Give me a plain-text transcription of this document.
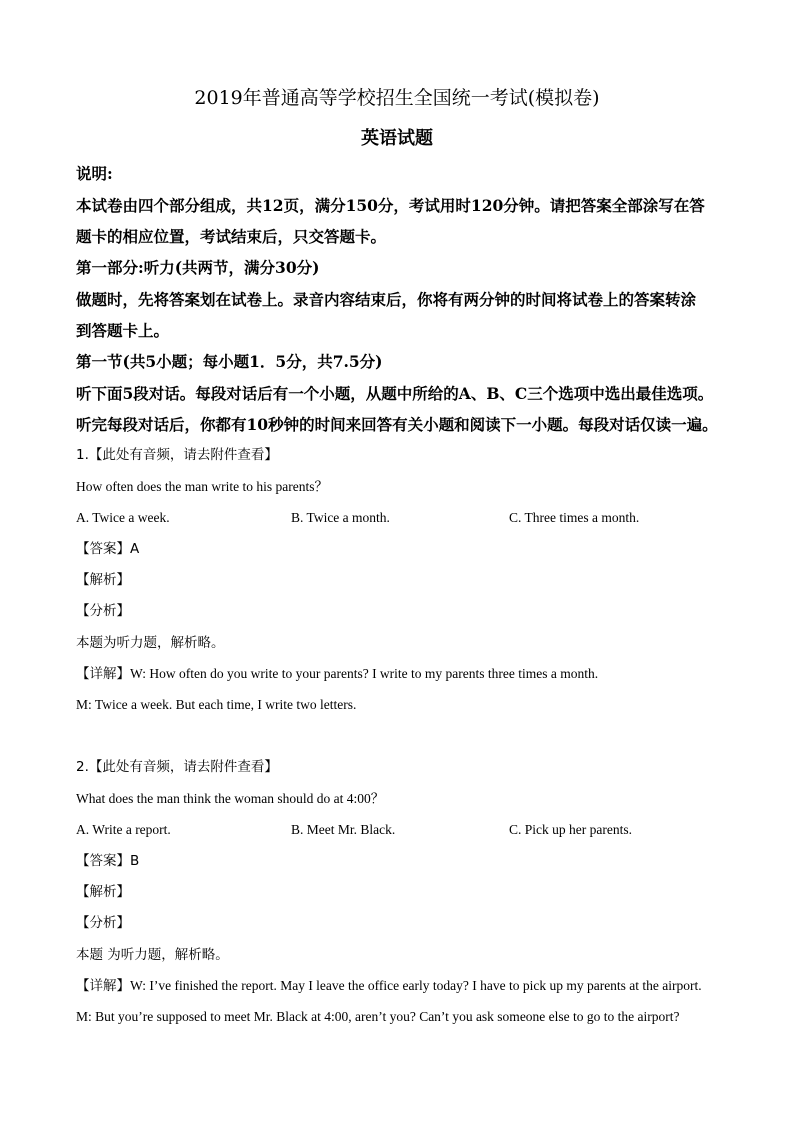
2019年普通高等学校招生全国统一考试(模拟卷)
英语试题
说明:
本试卷由四个部分组成，共12页，满分150分，考试用时120分钟。请把答案全部涂写在答
题卡的相应位置，考试结束后，只交答题卡。
第一部分:听力(共两节，满分30分)
做题时，先将答案划在试卷上。录音内容结束后，你将有两分钟的时间将试卷上的答案转涂
到答题卡上。
第一节(共5小题；每小题1．5分，共7.5分)
听下面5段对话。每段对话后有一个小题，从题中所给的A、B、C三个选项中选出最佳选项。
听完每段对话后，你都有10秒钟的时间来回答有关小题和阅读下一小题。每段对话仅读一遍。
1.【此处有音频，请去附件查看】
How often does the man write to his parents？
A. Twice a week.	B. Twice a month.	C. Three times a month.
【答案】A
【解析】
【分析】
本题为听力题，解析略。
【详解】W: How often do you write to your parents? I write to my parents three times a month.
M: Twice a week. But each time, I write two letters.
2.【此处有音频，请去附件查看】
What does the man think the woman should do at 4:00？
A. Write a report.	B. Meet Mr. Black.	C. Pick up her parents.
【答案】B
【解析】
【分析】
本题 为听力题，解析略。
【详解】W: I’ve finished the report. May I leave the office early today? I have to pick up my parents at the airport.
M: But you’re supposed to meet Mr. Black at 4:00, aren’t you? Can’t you ask someone else to go to the airport?
